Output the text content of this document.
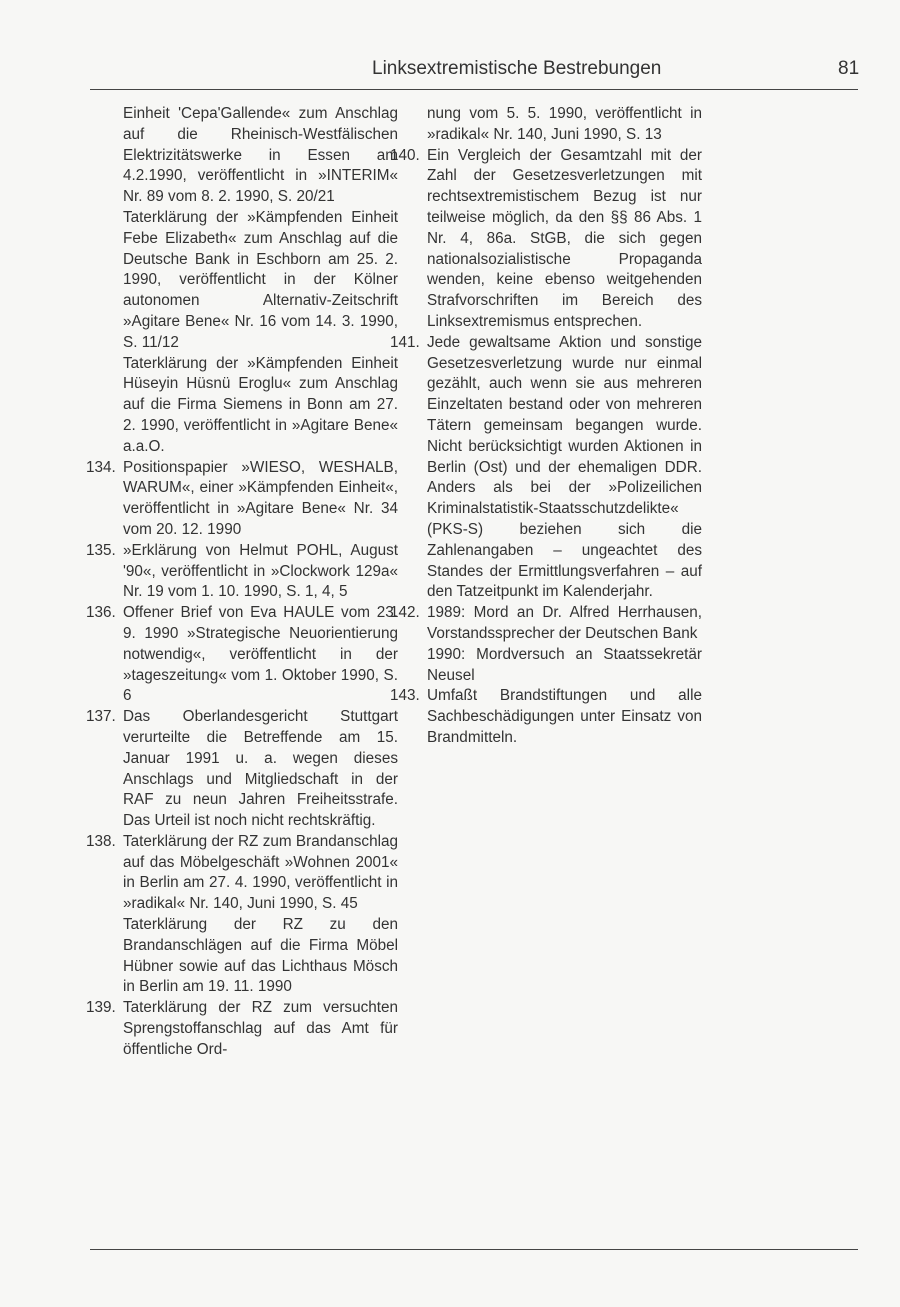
Linksextremistische Bestrebungen	81
Einheit 'Cepa'Gallende« zum Anschlag auf die Rheinisch-Westfälischen Elektrizitätswerke in Essen am 4.2.1990, veröffentlicht in »INTERIM« Nr. 89 vom 8. 2. 1990, S. 20/21
Taterklärung der »Kämpfenden Einheit Febe Elizabeth« zum Anschlag auf die Deutsche Bank in Eschborn am 25. 2. 1990, veröffentlicht in der Kölner autonomen Alternativ-Zeitschrift »Agitare Bene« Nr. 16 vom 14. 3. 1990, S. 11/12
Taterklärung der »Kämpfenden Einheit Hüseyin Hüsnü Eroglu« zum Anschlag auf die Firma Siemens in Bonn am 27. 2. 1990, veröffentlicht in »Agitare Bene« a.a.O.
134. Positionspapier »WIESO, WESHALB, WARUM«, einer »Kämpfenden Einheit«, veröffentlicht in »Agitare Bene« Nr. 34 vom 20. 12. 1990
135. »Erklärung von Helmut POHL, August '90«, veröffentlicht in »Clockwork 129a« Nr. 19 vom 1. 10. 1990, S. 1, 4, 5
136. Offener Brief von Eva HAULE vom 23. 9. 1990 »Strategische Neuorientierung notwendig«, veröffentlicht in der »tageszeitung« vom 1. Oktober 1990, S. 6
137. Das Oberlandesgericht Stuttgart verurteilte die Betreffende am 15. Januar 1991 u. a. wegen dieses Anschlags und Mitgliedschaft in der RAF zu neun Jahren Freiheitsstrafe. Das Urteil ist noch nicht rechtskräftig.
138. Taterklärung der RZ zum Brandanschlag auf das Möbelgeschäft »Wohnen 2001« in Berlin am 27. 4. 1990, veröffentlicht in »radikal« Nr. 140, Juni 1990, S. 45
Taterklärung der RZ zu den Brandanschlägen auf die Firma Möbel Hübner sowie auf das Lichthaus Mösch in Berlin am 19. 11. 1990
139. Taterklärung der RZ zum versuchten Sprengstoffanschlag auf das Amt für öffentliche Ord-
nung vom 5. 5. 1990, veröffentlicht in »radikal« Nr. 140, Juni 1990, S. 13
140. Ein Vergleich der Gesamtzahl mit der Zahl der Gesetzesverletzungen mit rechtsextremistischem Bezug ist nur teilweise möglich, da den §§ 86 Abs. 1 Nr. 4, 86a. StGB, die sich gegen nationalsozialistische Propaganda wenden, keine ebenso weitgehenden Strafvorschriften im Bereich des Linksextremismus entsprechen.
141. Jede gewaltsame Aktion und sonstige Gesetzesverletzung wurde nur einmal gezählt, auch wenn sie aus mehreren Einzeltaten bestand oder von mehreren Tätern gemeinsam begangen wurde. Nicht berücksichtigt wurden Aktionen in Berlin (Ost) und der ehemaligen DDR. Anders als bei der »Polizeilichen Kriminalstatistik-Staatsschutzdelikte« (PKS-S) beziehen sich die Zahlenangaben – ungeachtet des Standes der Ermittlungsverfahren – auf den Tatzeitpunkt im Kalenderjahr.
142. 1989: Mord an Dr. Alfred Herrhausen, Vorstandssprecher der Deutschen Bank
1990: Mordversuch an Staatssekretär Neusel
143. Umfaßt Brandstiftungen und alle Sachbeschädigungen unter Einsatz von Brandmitteln.
